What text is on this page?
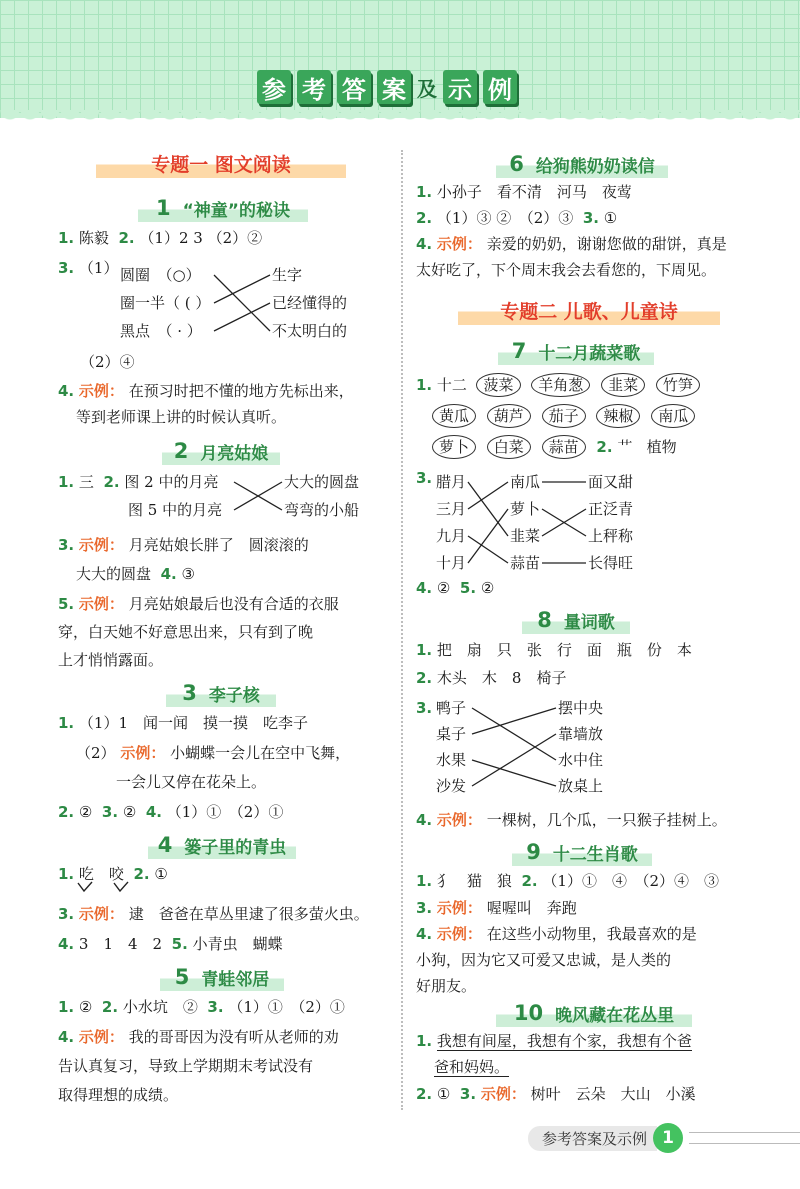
参 考 答 案 及 示 例
专题一 图文阅读
1 “神童”的秘诀
1. 陈毅 2. （1）2 3 （2）②
3. （1） 圆圈　（○）
圈一半（ ( ）
黑点　（ · ）
生字
已经懂得的
不太明白的
（2）④
4. 示例： 在预习时把不懂的地方先标出来，
等到老师课上讲的时候认真听。
2 月亮姑娘
1. 三 2. 图 2 中的月亮
图 5 中的月亮
大大的圆盘
弯弯的小船
3. 示例： 月亮姑娘长胖了　圆滚滚的
大大的圆盘 4. ③
5. 示例： 月亮姑娘最后也没有合适的衣服
穿，白天她不好意思出来，只有到了晚
上才悄悄露面。
3 李子核
1. （1）1　闻一闻　摸一摸　吃李子
（2） 示例： 小蝴蝶一会儿在空中飞舞，
一会儿又停在花朵上。
2. ② 3. ② 4. （1）①　（2）①
4 篓子里的青虫
1. 吃　咬 2. ①
3. 示例： 逮　爸爸在草丛里逮了很多萤火虫。
4. 3　1　4　2 5. 小青虫　蝴蝶
5 青蛙邻居
1. ② 2. 小水坑　② 3. （1）①　（2）①
4. 示例： 我的哥哥因为没有听从老师的劝
告认真复习，导致上学期期末考试没有
取得理想的成绩。
6 给狗熊奶奶读信
1. 小孙子　看不清　河马　夜莺
2. （1）③ ②　（2）③ 3. ①
4. 示例： 亲爱的奶奶，谢谢您做的甜饼，真是
太好吃了，下个周末我会去看您的，下周见。
专题二 儿歌、儿童诗
7 十二月蔬菜歌
1. 十二 菠菜 羊角葱 韭菜 竹笋
黄瓜 葫芦 茄子 辣椒 南瓜
萝卜 白菜 蒜苗 2. 艹 植物
3. 腊月
三月
九月
十月
南瓜
萝卜
韭菜
蒜苗
面又甜
正泛青
上秤称
长得旺
4. ② 5. ②
8 量词歌
1. 把　扇　只　张　行　面　瓶　份　本
2. 木头　木　8　椅子
3. 鸭子
桌子
水果
沙发
摆中央
靠墙放
水中住
放桌上
4. 示例： 一棵树，几个瓜，一只猴子挂树上。
9 十二生肖歌
1. 犭　猫　狼 2. （1）①　④　（2）④　③
3. 示例： 喔喔叫　奔跑
4. 示例： 在这些小动物里，我最喜欢的是
小狗，因为它又可爱又忠诚，是人类的
好朋友。
10 晚风藏在花丛里
1. 我想有间屋，我想有个家，我想有个爸
爸和妈妈。
2. ① 3. 示例： 树叶　云朵　大山　小溪
参考答案及示例 1
